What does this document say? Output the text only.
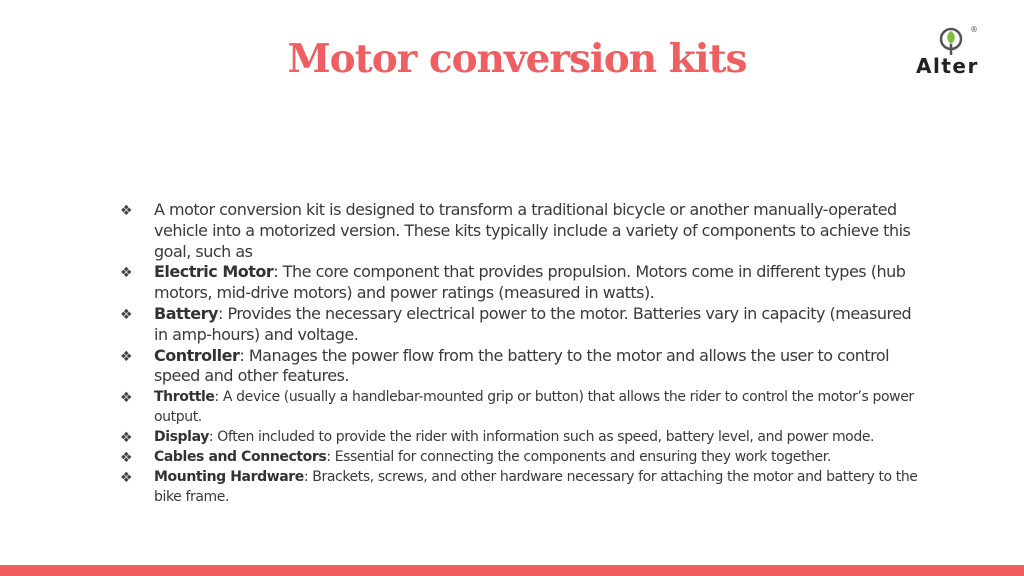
Motor conversion kits
®
Alter
❖ A motor conversion kit is designed to transform a traditional bicycle or another manually-operated vehicle into a motorized version. These kits typically include a variety of components to achieve this goal, such as
❖ Electric Motor: The core component that provides propulsion. Motors come in different types (hub motors, mid-drive motors) and power ratings (measured in watts).
❖ Battery: Provides the necessary electrical power to the motor. Batteries vary in capacity (measured in amp-hours) and voltage.
❖ Controller: Manages the power flow from the battery to the motor and allows the user to control speed and other features.
❖ Throttle: A device (usually a handlebar-mounted grip or button) that allows the rider to control the motor’s power output.
❖ Display: Often included to provide the rider with information such as speed, battery level, and power mode.
❖ Cables and Connectors: Essential for connecting the components and ensuring they work together.
❖ Mounting Hardware: Brackets, screws, and other hardware necessary for attaching the motor and battery to the bike frame.
